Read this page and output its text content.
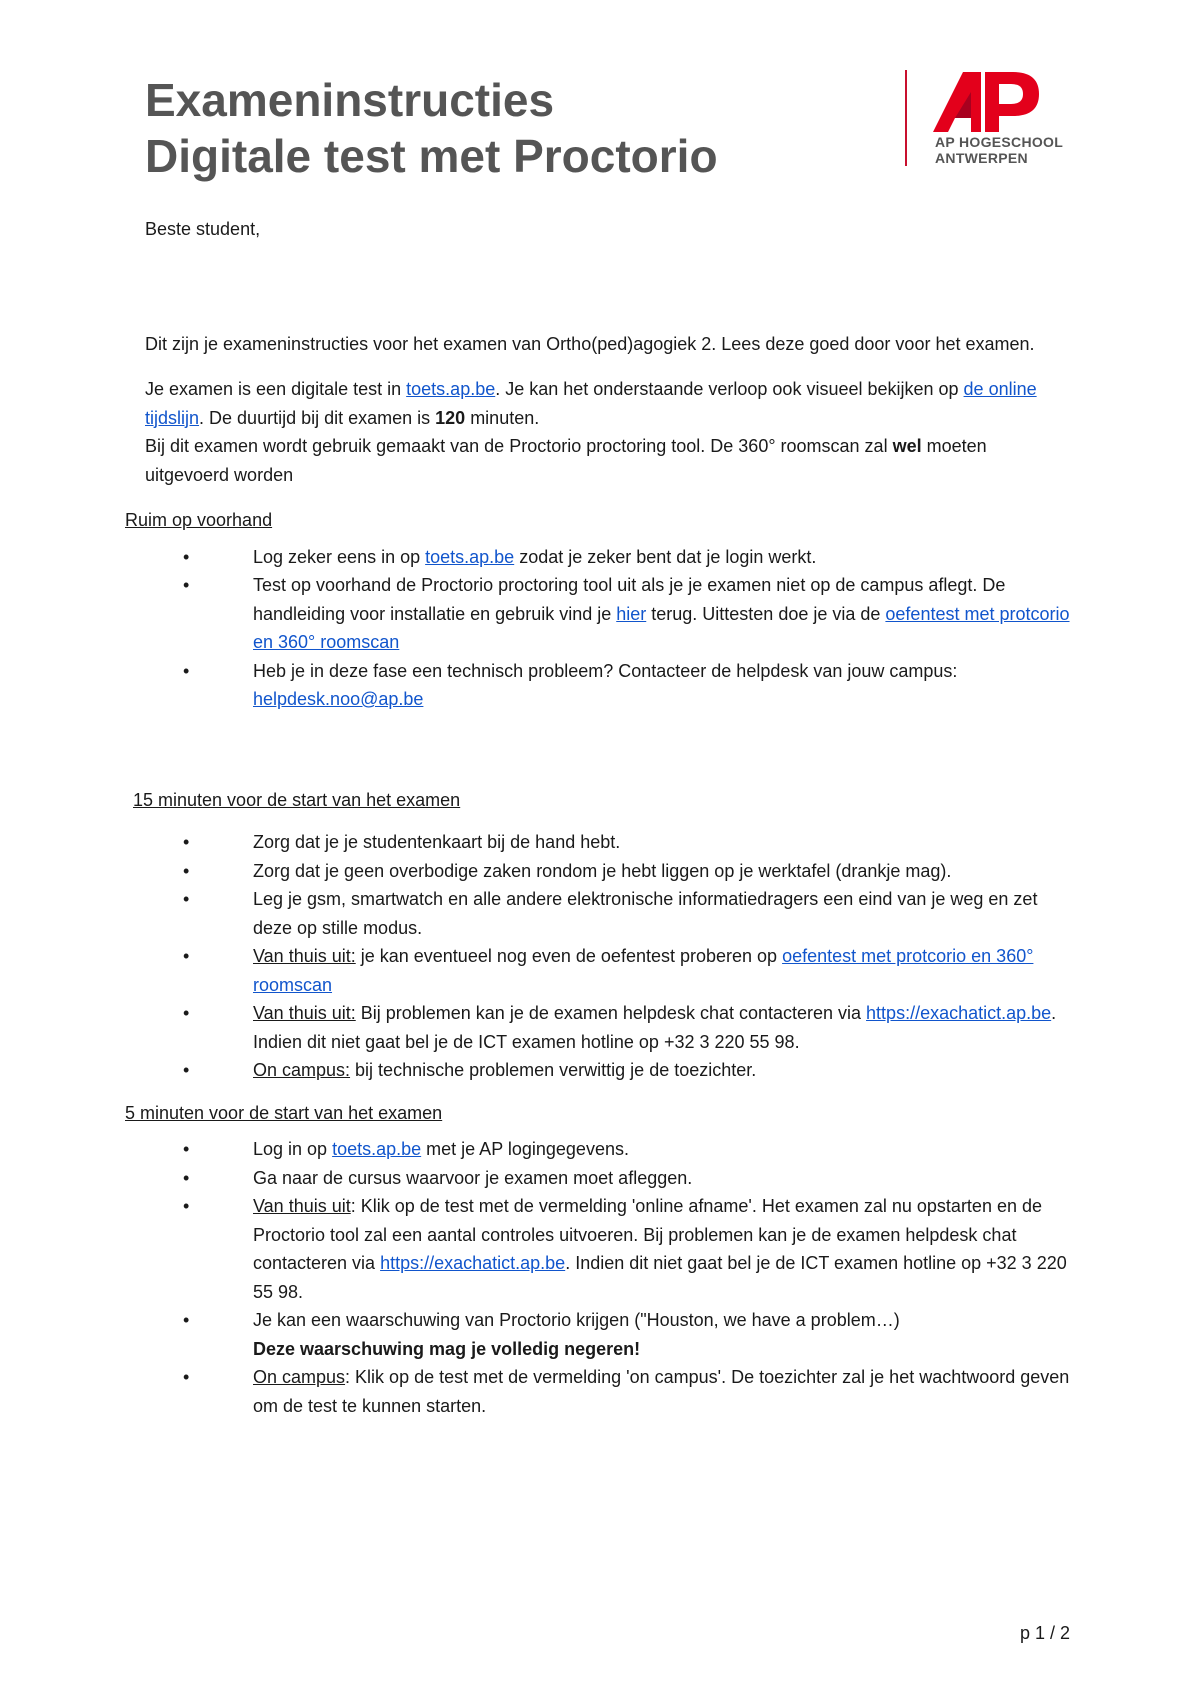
Exameninstructies
Digitale test met Proctorio	AP HOGESCHOOL
ANTWERPEN

Beste student,

Dit zijn je exameninstructies voor het examen van Ortho(ped)agogiek 2. Lees deze goed door voor het examen.

Je examen is een digitale test in toets.ap.be. Je kan het onderstaande verloop ook visueel bekijken op de online tijdslijn. De duurtijd bij dit examen is 120 minuten.

Bij dit examen wordt gebruik gemaakt van de Proctorio proctoring tool. De 360° roomscan zal wel moeten uitgevoerd worden

Ruim op voorhand

• Log zeker eens in op toets.ap.be zodat je zeker bent dat je login werkt.
• Test op voorhand de Proctorio proctoring tool uit als je je examen niet op de campus aflegt. De handleiding voor installatie en gebruik vind je hier terug. Uittesten doe je via de oefentest met protcorio en 360° roomscan
• Heb je in deze fase een technisch probleem? Contacteer de helpdesk van jouw campus: helpdesk.noo@ap.be

15 minuten voor de start van het examen

• Zorg dat je je studentenkaart bij de hand hebt.
• Zorg dat je geen overbodige zaken rondom je hebt liggen op je werktafel (drankje mag).
• Leg je gsm, smartwatch en alle andere elektronische informatiedragers een eind van je weg en zet deze op stille modus.
• Van thuis uit: je kan eventueel nog even de oefentest proberen op oefentest met protcorio en 360° roomscan
• Van thuis uit: Bij problemen kan je de examen helpdesk chat contacteren via https://exachatict.ap.be. Indien dit niet gaat bel je de ICT examen hotline op +32 3 220 55 98.
• On campus: bij technische problemen verwittig je de toezichter.

5 minuten voor de start van het examen

• Log in op toets.ap.be met je AP logingegevens.
• Ga naar de cursus waarvoor je examen moet afleggen.
• Van thuis uit: Klik op de test met de vermelding 'online afname'. Het examen zal nu opstarten en de Proctorio tool zal een aantal controles uitvoeren. Bij problemen kan je de examen helpdesk chat contacteren via https://exachatict.ap.be. Indien dit niet gaat bel je de ICT examen hotline op +32 3 220 55 98.
• Je kan een waarschuwing van Proctorio krijgen ("Houston, we have a problem…)
Deze waarschuwing mag je volledig negeren!
• On campus: Klik op de test met de vermelding 'on campus'. De toezichter zal je het wachtwoord geven om de test te kunnen starten.
p 1 / 2
